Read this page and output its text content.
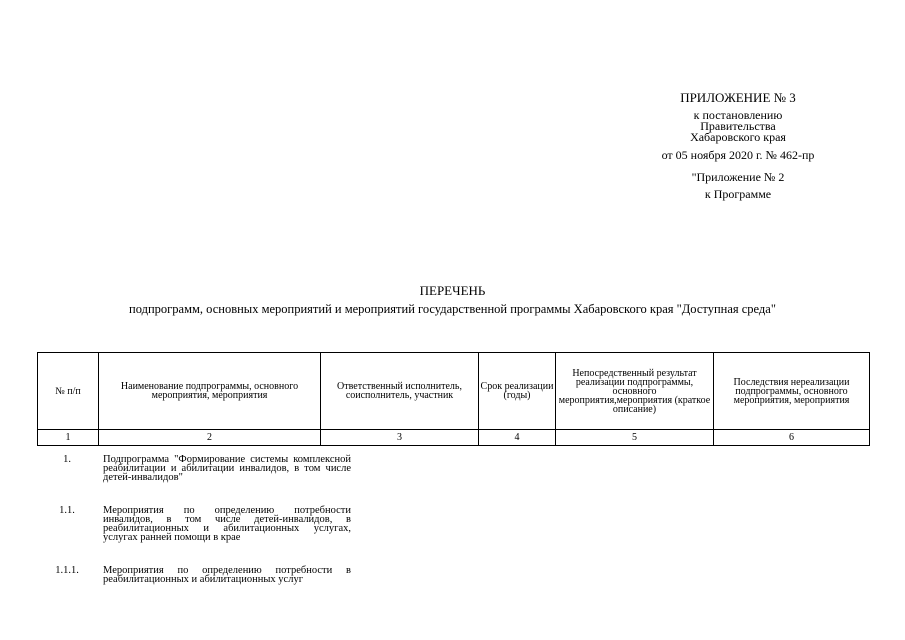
ПРИЛОЖЕНИЕ № 3
к постановлению
Правительства
Хабаровского края
от 05 ноября 2020 г. № 462-пр
"Приложение № 2
к Программе
ПЕРЕЧЕНЬ
подпрограмм, основных мероприятий и мероприятий государственной программы Хабаровского края "Доступная среда"
№ п/п	Наименование подпрограммы, основного мероприятия, мероприятия	Ответственный исполнитель, соисполнитель, участник	Срок реализации (годы)	Непосредственный результат реализации подпрограммы, основного мероприятия,мероприятия (краткое описание)	Последствия нереализации подпрограммы, основного мероприятия, мероприятия
1	2	3	4	5	6
1.	Подпрограмма "Формирование системы комплексной реабилитации и абилитации инвалидов, в том числе детей-инвалидов"
1.1.	Мероприятия по определению потребности инвалидов, в том числе детей-инвалидов, в реабилитационных и абилитационных услугах, услугах ранней помощи в крае
1.1.1.	Мероприятия по определению потребности в реабилитационных и абилитационных услуг
